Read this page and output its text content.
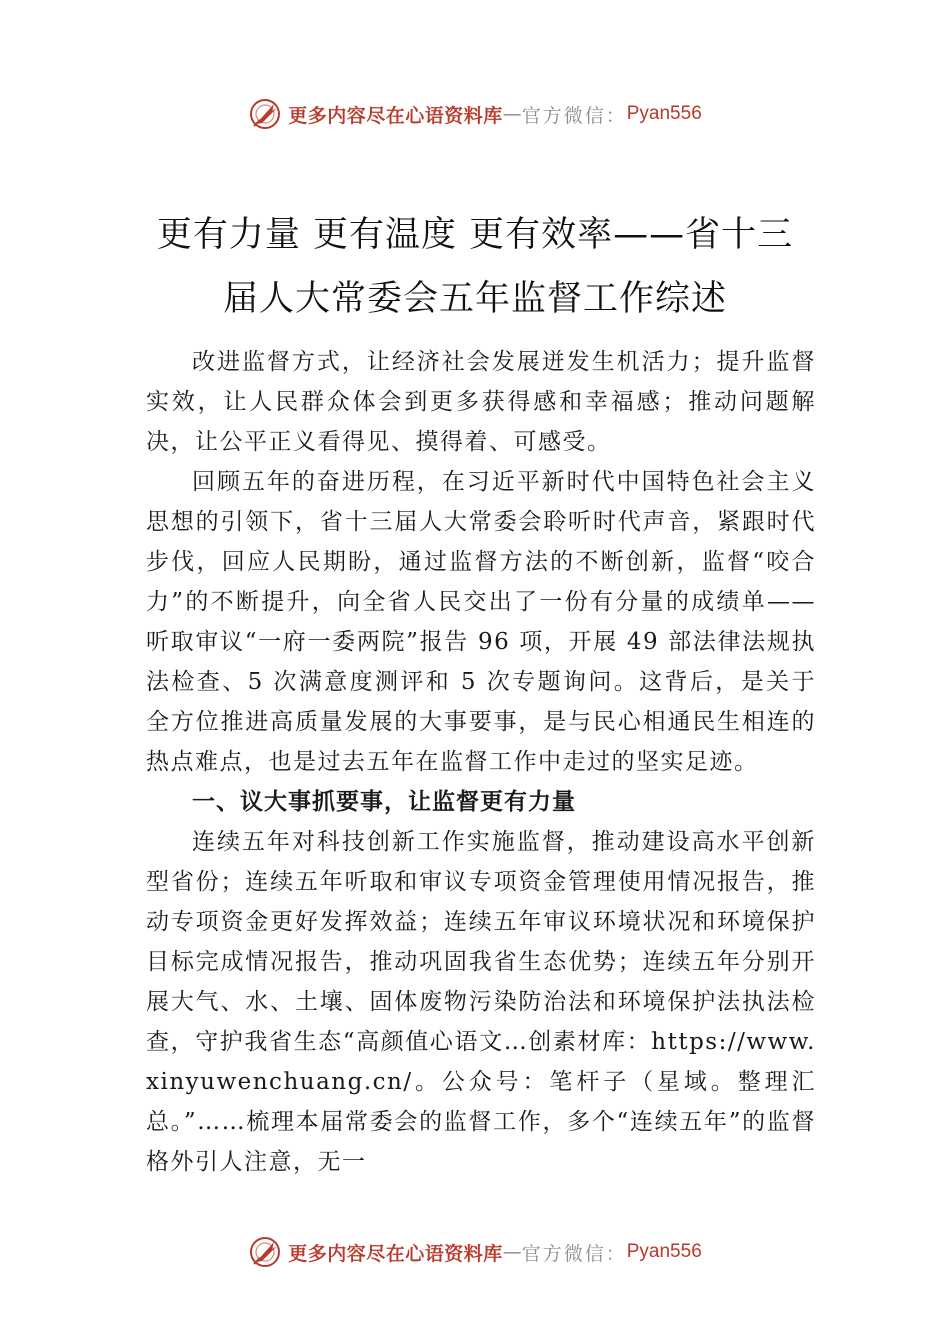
更多内容尽在心语资料库 — 官方微信： Pyan556
更有力量 更有温度 更有效率——省十三
届人大常委会五年监督工作综述

改进监督方式，让经济社会发展迸发生机活力；提升监督实效，让人民群众体会到更多获得感和幸福感；推动问题解决，让公平正义看得见、摸得着、可感受。

回顾五年的奋进历程，在习近平新时代中国特色社会主义思想的引领下，省十三届人大常委会聆听时代声音，紧跟时代步伐，回应人民期盼，通过监督方法的不断创新，监督“咬合力”的不断提升，向全省人民交出了一份有分量的成绩单——听取审议“一府一委两院”报告 96 项，开展 49 部法律法规执法检查、5 次满意度测评和 5 次专题询问。这背后，是关于全方位推进高质量发展的大事要事，是与民心相通民生相连的热点难点，也是过去五年在监督工作中走过的坚实足迹。

一、议大事抓要事，让监督更有力量

连续五年对科技创新工作实施监督，推动建设高水平创新型省份；连续五年听取和审议专项资金管理使用情况报告，推动专项资金更好发挥效益；连续五年审议环境状况和环境保护目标完成情况报告，推动巩固我省生态优势；连续五年分别开展大气、水、土壤、固体废物污染防治法和环境保护法执法检查，守护我省生态“高颜值心语文…创素材库：https://www.xinyuwenchuang.cn/。公众号：笔杆子（星域。整理汇总。”……梳理本届常委会的监督工作，多个“连续五年”的监督格外引人注意，无一

更多内容尽在心语资料库 — 官方微信： Pyan556
